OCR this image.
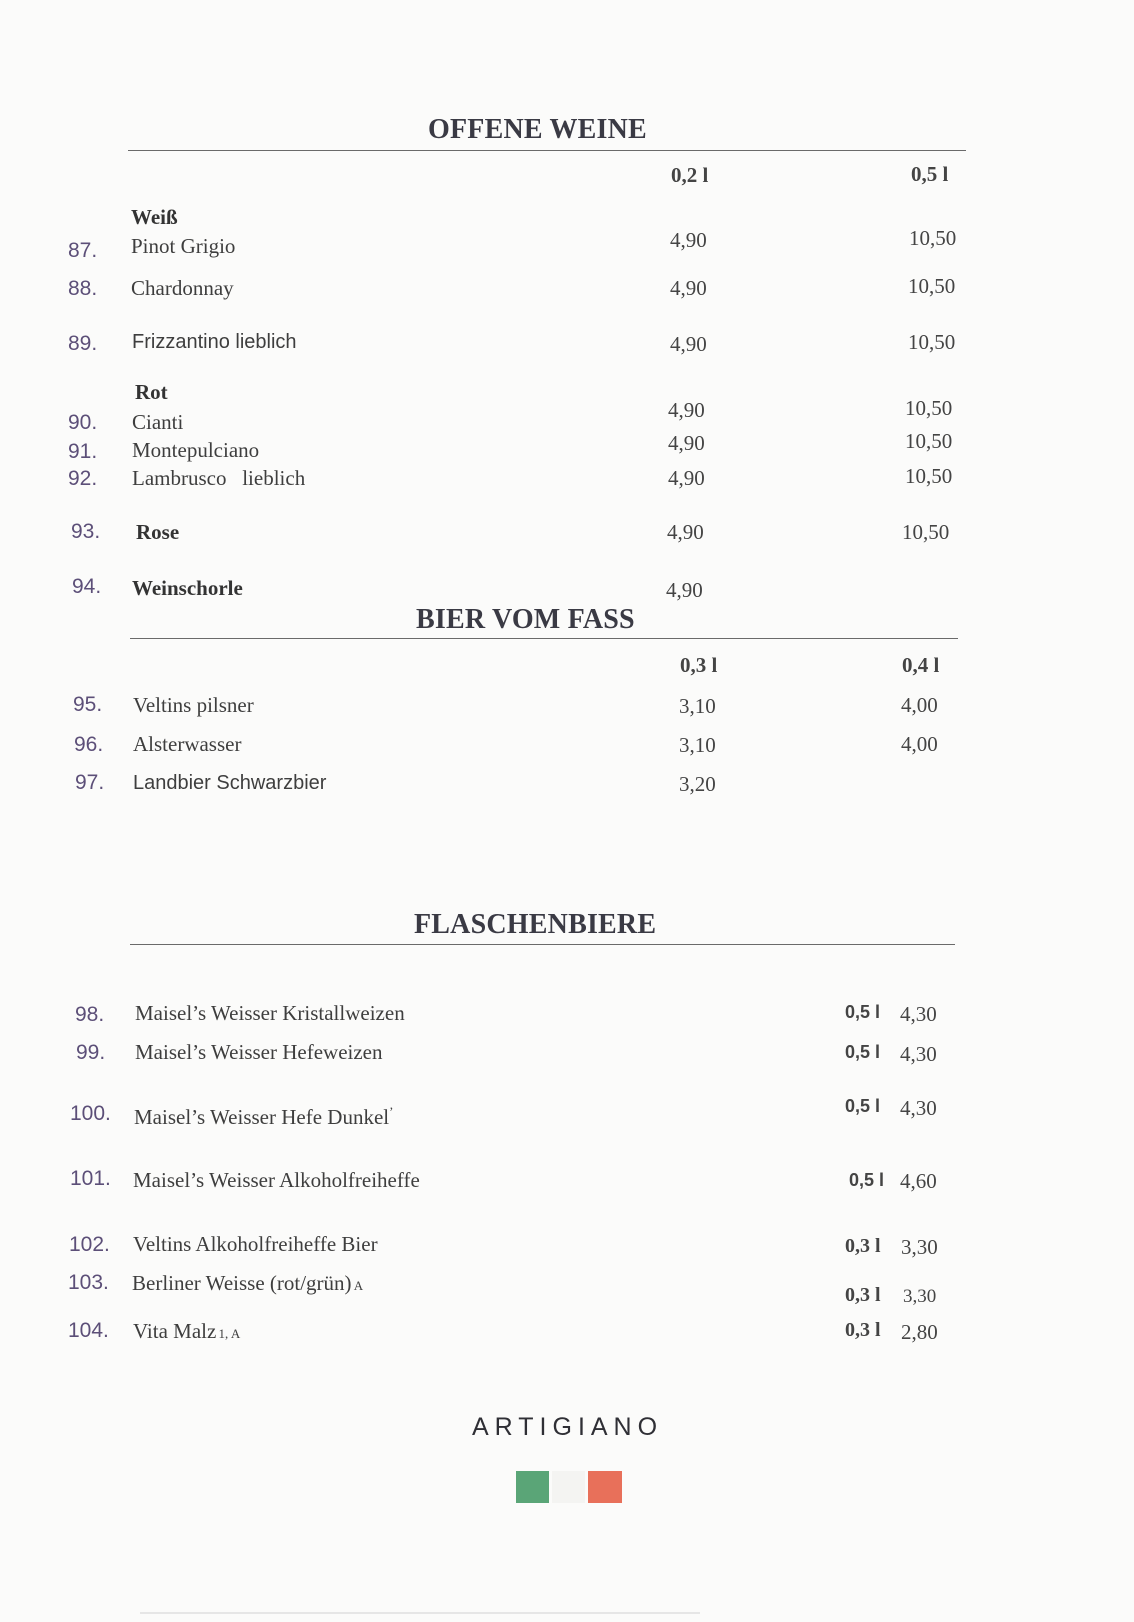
OFFENE WEINE
0,2 l	0,5 l
Weiß
87. Pinot Grigio	4,90	10,50
88. Chardonnay	4,90	10,50
89. Frizzantino lieblich	4,90	10,50
Rot
90. Cianti	4,90	10,50
91. Montepulciano	4,90	10,50
92. Lambrusco   lieblich	4,90	10,50
93. Rose	4,90	10,50
94. Weinschorle	4,90
BIER VOM FASS
0,3 l	0,4 l
95. Veltins pilsner	3,10	4,00
96. Alsterwasser	3,10	4,00
97. Landbier Schwarzbier	3,20
FLASCHENBIERE
98. Maisel’s Weisser Kristallweizen	0,5 l 4,30
99. Maisel’s Weisser Hefeweizen	0,5 l 4,30
100. Maisel’s Weisser Hefe Dunkel’	0,5 l 4,30
101. Maisel’s Weisser Alkoholfreiheffe	0,5 l 4,60
102. Veltins Alkoholfreiheffe Bier	0,3 l 3,30
103. Berliner Weisse (rot/grün) A	0,3 l 3,30
104. Vita Malz 1, A	0,3 l 2,80
ARTIGIANO
